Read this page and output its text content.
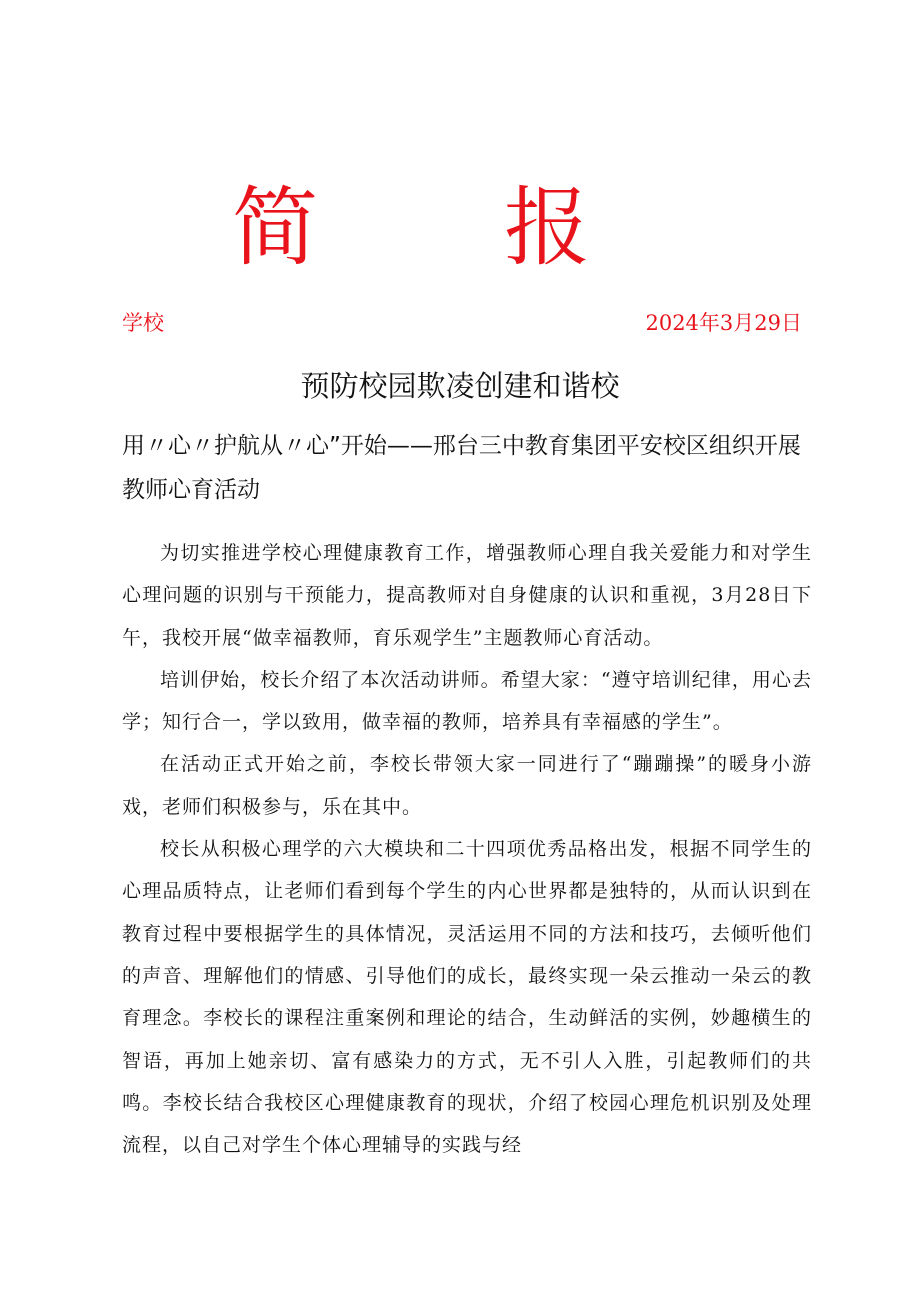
简 报
学校	2024年3月29日
预防校园欺凌创建和谐校

用〃心〃护航从〃心”开始——邢台三中教育集团平安校区组织开展教师心育活动

为切实推进学校心理健康教育工作，增强教师心理自我关爱能力和对学生心理问题的识别与干预能力，提高教师对自身健康的认识和重视，3月28日下午，我校开展“做幸福教师，育乐观学生”主题教师心育活动。

培训伊始，校长介绍了本次活动讲师。希望大家：“遵守培训纪律，用心去学；知行合一，学以致用，做幸福的教师，培养具有幸福感的学生”。

在活动正式开始之前，李校长带领大家一同进行了“蹦蹦操”的暖身小游戏，老师们积极参与，乐在其中。

校长从积极心理学的六大模块和二十四项优秀品格出发，根据不同学生的心理品质特点，让老师们看到每个学生的内心世界都是独特的，从而认识到在教育过程中要根据学生的具体情况，灵活运用不同的方法和技巧，去倾听他们的声音、理解他们的情感、引导他们的成长，最终实现一朵云推动一朵云的教育理念。李校长的课程注重案例和理论的结合，生动鲜活的实例，妙趣横生的智语，再加上她亲切、富有感染力的方式，无不引人入胜，引起教师们的共鸣。李校长结合我校区心理健康教育的现状，介绍了校园心理危机识别及处理流程，以自己对学生个体心理辅导的实践与经
